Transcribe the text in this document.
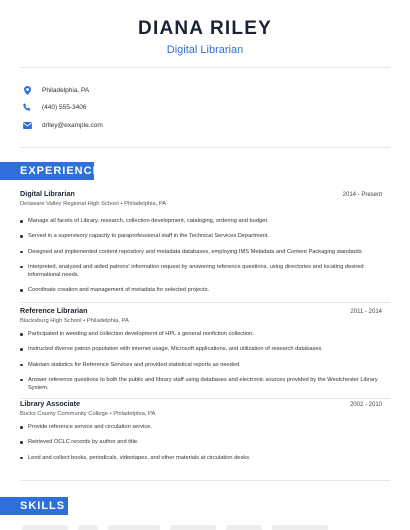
DIANA RILEY
Digital Librarian
Philadelphia, PA
(440) 555-3406
drlley@example.com
EXPERIENCE
Digital Librarian	2014 - Present
Delaware Valley Regional High School • Philadelphia, PA
Manage all facets of Library, research, collection development, cataloging, ordering and budget.
Served in a supervisory capacity to paraprofessional staff in the Technical Services Department.
Designed and implemented content repository and metadata databases, employing IMS Metadata and Content Packaging standards.
Interpreted, analyzed and aided patrons' information request by answering reference questions, using directories and locating desired informational needs.
Coordinate creation and management of metadata for selected projects.
Reference Librarian	2011 - 2014
Blacksburg High School • Philadelphia, PA
Participated in weeding and collection development of HPL s general nonfiction collection.
Instructed diverse patron population with internet usage, Microsoft applications, and utilization of research databases.
Maintain statistics for Reference Services and provided statistical reports as needed.
Answer reference questions to both the public and library staff using databases and electronic sources provided by the Westchester Library System.
Library Associate	2002 - 2010
Bucks County Community College • Philadelphia, PA
Provide reference service and circulation service.
Retrieved OCLC records by author and title.
Lend and collect books, periodicals, videotapes, and other materials at circulation desks.
SKILLS
